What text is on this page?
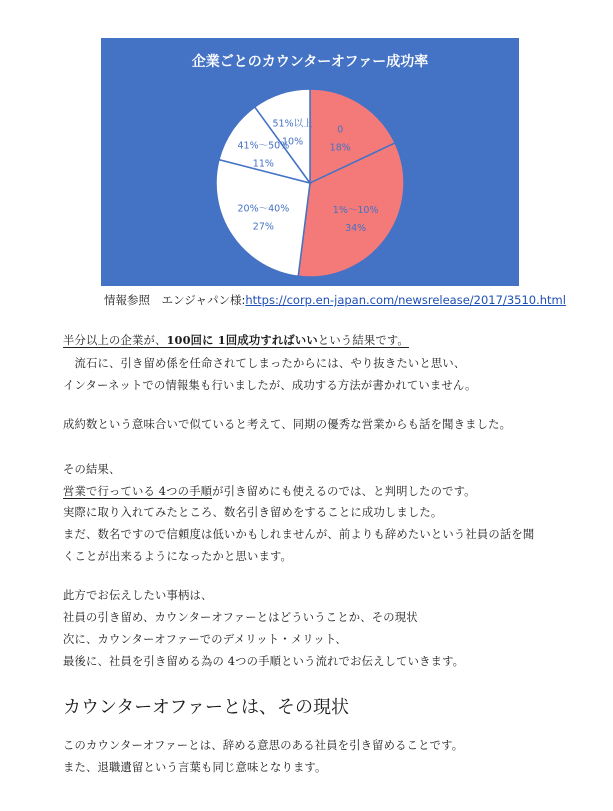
企業ごとのカウンターオファー成功率
0
18%
1%～10%
34%
20%～40%
27%
41%～50%
11%
51%以上
10%
情報参照　エンジャパン様:https://corp.en-japan.com/newsrelease/2017/3510.html
半分以上の企業が、100回に 1回成功すればいいという結果です。
　流石に、引き留め係を任命されてしまったからには、やり抜きたいと思い、
インターネットでの情報集も行いましたが、成功する方法が書かれていません。
成約数という意味合いで似ていると考えて、同期の優秀な営業からも話を聞きました。
その結果、
営業で行っている 4つの手順が引き留めにも使えるのでは、と判明したのです。
実際に取り入れてみたところ、数名引き留めをすることに成功しました。
まだ、数名ですので信頼度は低いかもしれませんが、前よりも辞めたいという社員の話を聞
くことが出来るようになったかと思います。
此方でお伝えしたい事柄は、
社員の引き留め、カウンターオファーとはどういうことか、その現状
次に、カウンターオファーでのデメリット・メリット、
最後に、社員を引き留める為の 4つの手順という流れでお伝えしていきます。
カウンターオファーとは、その現状
このカウンターオファーとは、辞める意思のある社員を引き留めることです。
また、退職遺留という言葉も同じ意味となります。
